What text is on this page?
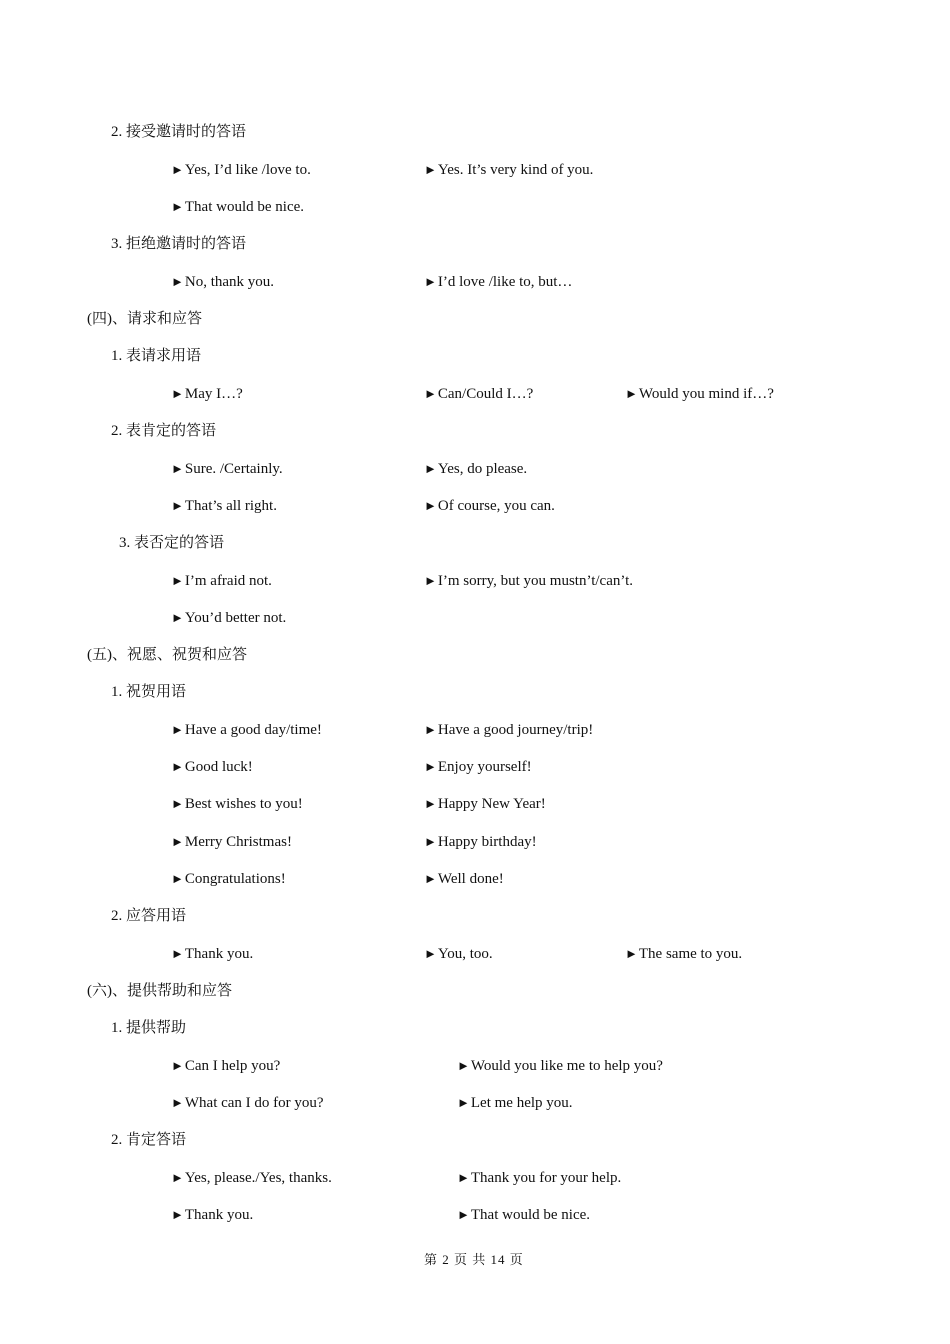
2. 接受邀请时的答语
►Yes, I’d like /love to.	►Yes. It’s very kind of you.
►That would be nice.
3. 拒绝邀请时的答语
►No, thank you.	►I’d love /like to, but…
(四)、请求和应答
1. 表请求用语
►May I…?	►Can/Could I…?	►Would you mind if…?
2. 表肯定的答语
►Sure. /Certainly.	►Yes, do please.
►That’s all right.	►Of course, you can.
3. 表否定的答语
►I’m afraid not.	►I’m sorry, but you mustn’t/can’t.
►You’d better not.
(五)、祝愿、祝贺和应答
1. 祝贺用语
►Have a good day/time!	►Have a good journey/trip!
►Good luck!	►Enjoy yourself!
►Best wishes to you!	►Happy New Year!
►Merry Christmas!	►Happy birthday!
►Congratulations!	►Well done!
2. 应答用语
►Thank you.	►You, too.	►The same to you.
(六)、提供帮助和应答
1. 提供帮助
►Can I help you?	►Would you like me to help you?
►What can I do for you?	►Let me help you.
2. 肯定答语
►Yes, please./Yes, thanks.	►Thank you for your help.
►Thank you.	►That would be nice.
第 2 页 共 14 页
